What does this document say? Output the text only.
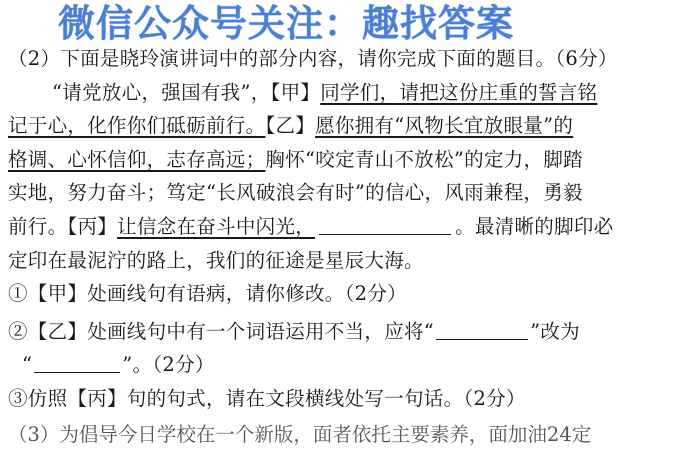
微信公众号关注：趣找答案
（2）下面是晓玲演讲词中的部分内容，请你完成下面的题目。（6分）
“请党放心，强国有我”，【甲】同学们，请把这份庄重的誓言铭
记于心，化作你们砥砺前行。【乙】愿你拥有“风物长宜放眼量”的
格调、心怀信仰，志存高远；胸怀“咬定青山不放松”的定力，脚踏
实地，努力奋斗；笃定“长风破浪会有时”的信心，风雨兼程，勇毅
前行。【丙】让信念在奋斗中闪光，	。最清晰的脚印必
定印在最泥泞的路上，我们的征途是星辰大海。
①【甲】处画线句有语病，请你修改。（2分）
②【乙】处画线句中有一个词语运用不当，应将“	”改为
“	”。（2分）
③仿照【丙】句的句式，请在文段横线处写一句话。（2分）
（3）为倡导今日学校在一个新版，面者依托主要素养，面加油24定
